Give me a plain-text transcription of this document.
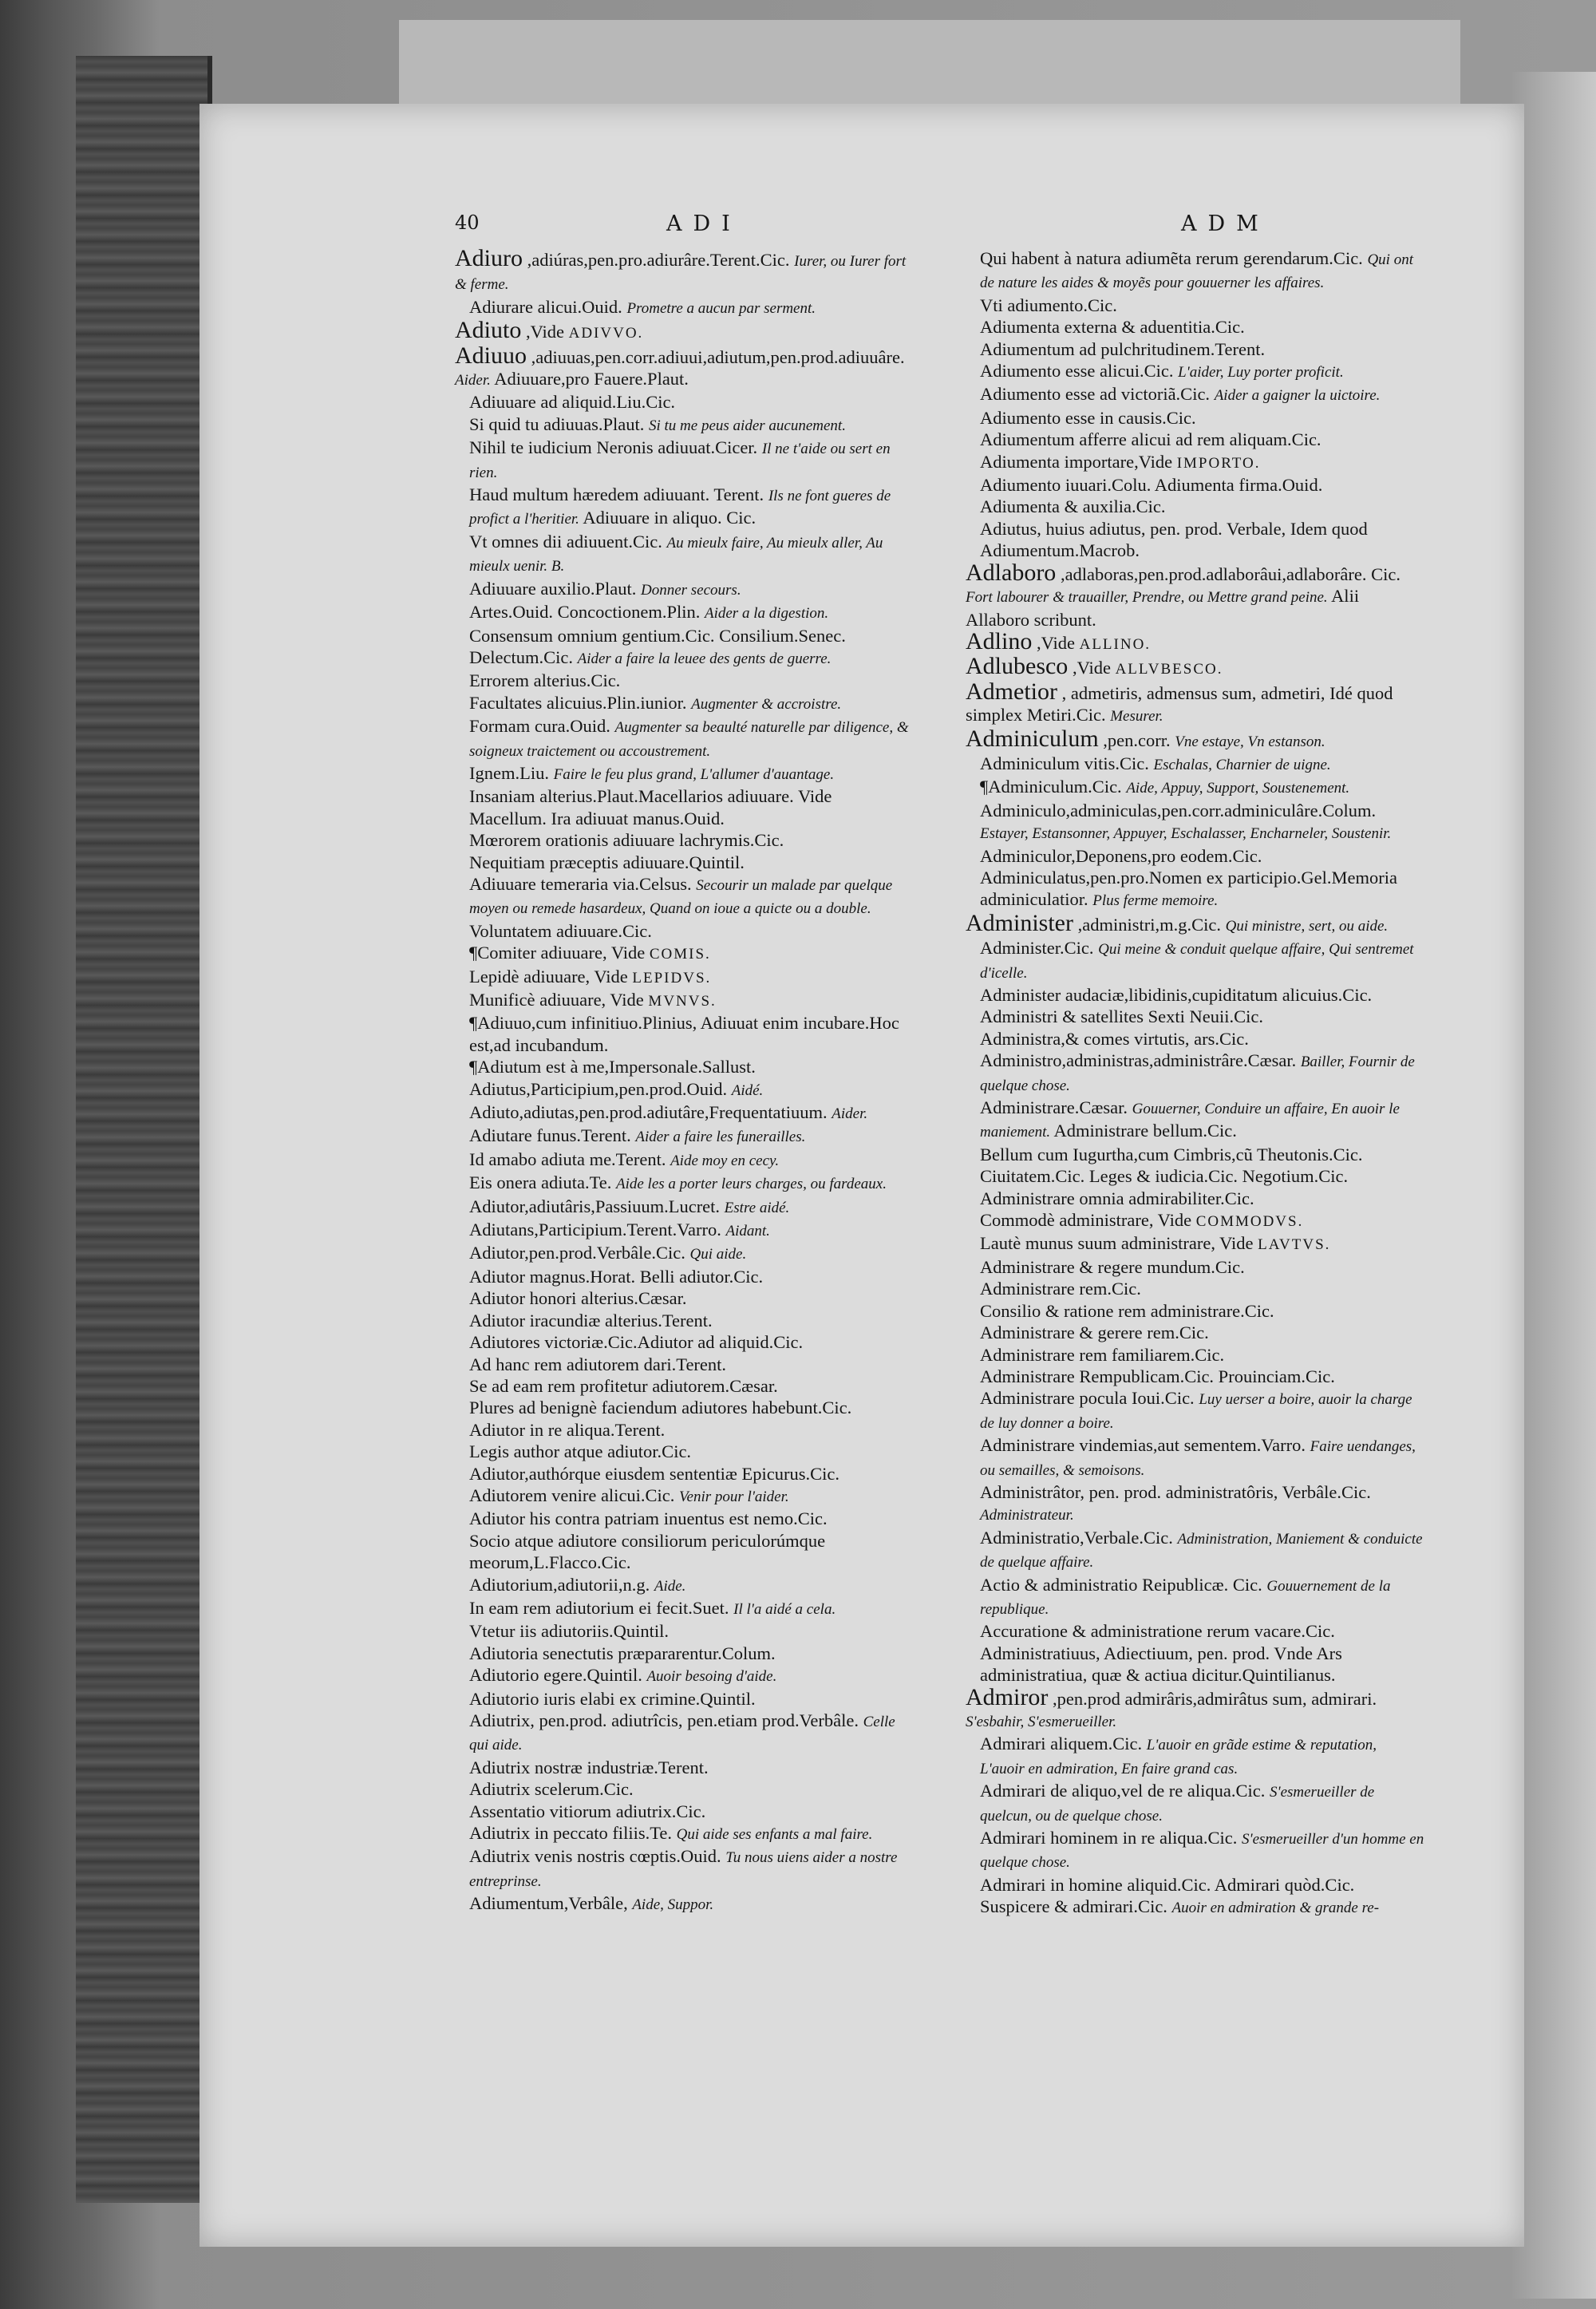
40	ADI	ADM
Adiuro ,adiúras,pen.pro.adiurâre.Terent.Cic. Iurer, ou Iurer fort & ferme.
Adiurare alicui.Ouid. Prometre a aucun par serment.
Adiuto ,Vide ADIVVO.
Adiuuo ,adiuuas,pen.corr.adiuui,adiutum,pen.prod.adiuuâre. Aider. Adiuuare,pro Fauere.Plaut.
Adiuuare ad aliquid.Liu.Cic.
Si quid tu adiuuas.Plaut. Si tu me peus aider aucunement.
Nihil te iudicium Neronis adiuuat.Cicer. Il ne t'aide ou sert en rien.
Haud multum hæredem adiuuant. Terent. Ils ne font gueres de profict a l'heritier. Adiuuare in aliquo. Cic.
Vt omnes dii adiuuent.Cic. Au mieulx faire, Au mieulx aller, Au mieulx uenir. B.
Adiuuare auxilio.Plaut. Donner secours.
Artes.Ouid. Concoctionem.Plin. Aider a la digestion.
Consensum omnium gentium.Cic. Consilium.Senec.
Delectum.Cic. Aider a faire la leuee des gents de guerre.
Errorem alterius.Cic.
Facultates alicuius.Plin.iunior. Augmenter & accroistre.
Formam cura.Ouid. Augmenter sa beaulté naturelle par diligence, & soigneux traictement ou accoustrement.
Ignem.Liu. Faire le feu plus grand, L'allumer d'auantage.
Insaniam alterius.Plaut.Macellarios adiuuare. Vide Macellum. Ira adiuuat manus.Ouid.
Mœrorem orationis adiuuare lachrymis.Cic.
Nequitiam præceptis adiuuare.Quintil.
Adiuuare temeraria via.Celsus. Secourir un malade par quelque moyen ou remede hasardeux, Quand on ioue a quicte ou a double. Voluntatem adiuuare.Cic.
¶Comiter adiuuare, Vide COMIS.
Lepidè adiuuare, Vide LEPIDVS.
Munificè adiuuare, Vide MVNVS.
¶Adiuuo,cum infinitiuo.Plinius, Adiuuat enim incubare.Hoc est,ad incubandum.
¶Adiutum est à me,Impersonale.Sallust.
Adiutus,Participium,pen.prod.Ouid. Aidé.
Adiuto,adiutas,pen.prod.adiutâre,Frequentatiuum. Aider.
Adiutare funus.Terent. Aider a faire les funerailles.
Id amabo adiuta me.Terent. Aide moy en cecy.
Eis onera adiuta.Te. Aide les a porter leurs charges, ou fardeaux.
Adiutor,adiutâris,Passiuum.Lucret. Estre aidé.
Adiutans,Participium.Terent.Varro. Aidant.
Adiutor,pen.prod.Verbâle.Cic. Qui aide.
Adiutor magnus.Horat. Belli adiutor.Cic.
Adiutor honori alterius.Cæsar.
Adiutor iracundiæ alterius.Terent.
Adiutores victoriæ.Cic.Adiutor ad aliquid.Cic.
Ad hanc rem adiutorem dari.Terent.
Se ad eam rem profitetur adiutorem.Cæsar.
Plures ad benignè faciendum adiutores habebunt.Cic.
Adiutor in re aliqua.Terent.
Legis author atque adiutor.Cic.
Adiutor,authórque eiusdem sententiæ Epicurus.Cic.
Adiutorem venire alicui.Cic. Venir pour l'aider.
Adiutor his contra patriam inuentus est nemo.Cic.
Socio atque adiutore consiliorum periculorúmque meorum,L.Flacco.Cic.
Adiutorium,adiutorii,n.g. Aide.
In eam rem adiutorium ei fecit.Suet. Il l'a aidé a cela.
Vtetur iis adiutoriis.Quintil.
Adiutoria senectutis præpararentur.Colum.
Adiutorio egere.Quintil. Auoir besoing d'aide.
Adiutorio iuris elabi ex crimine.Quintil.
Adiutrix, pen.prod. adiutrîcis, pen.etiam prod.Verbâle. Celle qui aide.
Adiutrix nostræ industriæ.Terent.
Adiutrix scelerum.Cic.
Assentatio vitiorum adiutrix.Cic.
Adiutrix in peccato filiis.Te. Qui aide ses enfants a mal faire.
Adiutrix venis nostris cœptis.Ouid. Tu nous uiens aider a nostre entreprinse.
Adiumentum,Verbâle, Aide, Suppor.
Qui habent à natura adiumẽta rerum gerendarum.Cic. Qui ont de nature les aides & moyẽs pour gouuerner les affaires.
Vti adiumento.Cic.
Adiumenta externa & aduentitia.Cic.
Adiumentum ad pulchritudinem.Terent.
Adiumento esse alicui.Cic. L'aider, Luy porter proficit.
Adiumento esse ad victoriã.Cic. Aider a gaigner la uictoire.
Adiumento esse in causis.Cic.
Adiumentum afferre alicui ad rem aliquam.Cic.
Adiumenta importare,Vide IMPORTO.
Adiumento iuuari.Colu. Adiumenta firma.Ouid.
Adiumenta & auxilia.Cic.
Adiutus, huius adiutus, pen. prod. Verbale, Idem quod Adiumentum.Macrob.
Adlaboro ,adlaboras,pen.prod.adlaborâui,adlaborâre. Cic. Fort labourer & trauailler, Prendre, ou Mettre grand peine. Alii Allaboro scribunt.
Adlino ,Vide ALLINO.
Adlubesco ,Vide ALLVBESCO.
Admetior , admetiris, admensus sum, admetiri, Idé quod simplex Metiri.Cic. Mesurer.
Adminiculum ,pen.corr. Vne estaye, Vn estanson.
Adminiculum vitis.Cic. Eschalas, Charnier de uigne.
¶Adminiculum.Cic. Aide, Appuy, Support, Soustenement.
Adminiculo,adminiculas,pen.corr.adminiculâre.Colum. Estayer, Estansonner, Appuyer, Eschalasser, Encharneler, Soustenir.
Adminiculor,Deponens,pro eodem.Cic.
Adminiculatus,pen.pro.Nomen ex participio.Gel.Memoria adminiculatior. Plus ferme memoire.
Administer ,administri,m.g.Cic. Qui ministre, sert, ou aide.
Administer.Cic. Qui meine & conduit quelque affaire, Qui sentremet d'icelle.
Administer audaciæ,libidinis,cupiditatum alicuius.Cic.
Administri & satellites Sexti Neuii.Cic.
Administra,& comes virtutis, ars.Cic.
Administro,administras,administrâre.Cæsar. Bailler, Fournir de quelque chose.
Administrare.Cæsar. Gouuerner, Conduire un affaire, En auoir le maniement. Administrare bellum.Cic.
Bellum cum Iugurtha,cum Cimbris,cũ Theutonis.Cic.
Ciuitatem.Cic. Leges & iudicia.Cic. Negotium.Cic.
Administrare omnia admirabiliter.Cic.
Commodè administrare, Vide COMMODVS.
Lautè munus suum administrare, Vide LAVTVS.
Administrare & regere mundum.Cic.
Administrare rem.Cic.
Consilio & ratione rem administrare.Cic.
Administrare & gerere rem.Cic.
Administrare rem familiarem.Cic.
Administrare Rempublicam.Cic. Prouinciam.Cic.
Administrare pocula Ioui.Cic. Luy uerser a boire, auoir la charge de luy donner a boire.
Administrare vindemias,aut sementem.Varro. Faire uendanges, ou semailles, & semoisons.
Administrâtor, pen. prod. administratôris, Verbâle.Cic. Administrateur.
Administratio,Verbale.Cic. Administration, Maniement & conduicte de quelque affaire.
Actio & administratio Reipublicæ. Cic. Gouuernement de la republique.
Accuratione & administratione rerum vacare.Cic.
Administratiuus, Adiectiuum, pen. prod. Vnde Ars administratiua, quæ & actiua dicitur.Quintilianus.
Admiror ,pen.prod admirâris,admirâtus sum, admirari. S'esbahir, S'esmerueiller.
Admirari aliquem.Cic. L'auoir en grãde estime & reputation, L'auoir en admiration, En faire grand cas.
Admirari de aliquo,vel de re aliqua.Cic. S'esmerueiller de quelcun, ou de quelque chose.
Admirari hominem in re aliqua.Cic. S'esmerueiller d'un homme en quelque chose.
Admirari in homine aliquid.Cic. Admirari quòd.Cic.
Suspicere & admirari.Cic. Auoir en admiration & grande re-
